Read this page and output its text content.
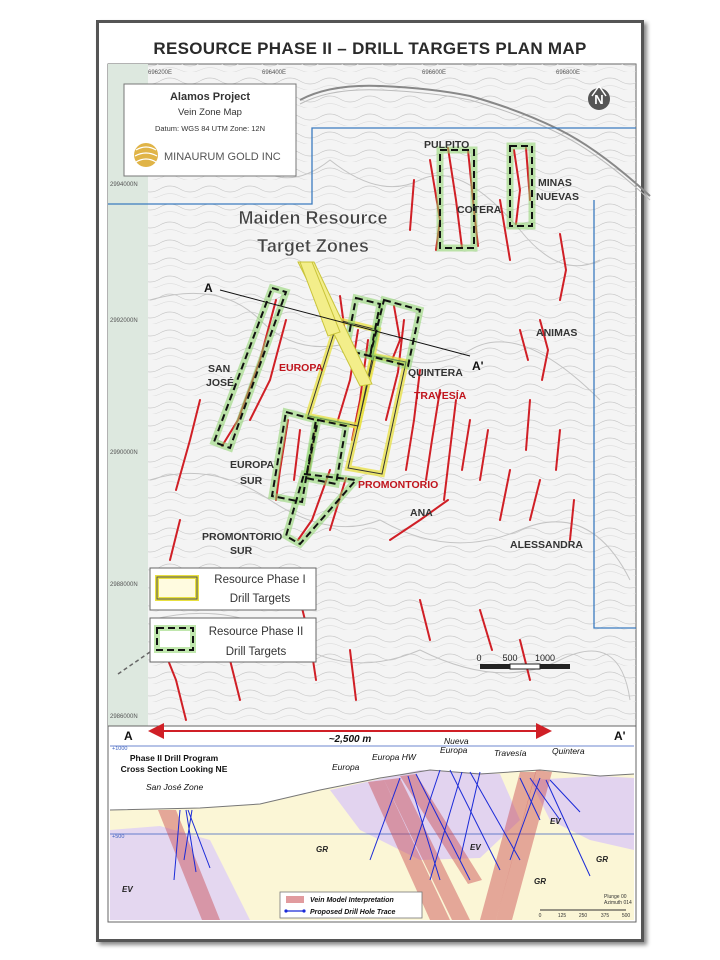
RESOURCE PHASE II – DRILL TARGETS PLAN MAP
696200E	696400E	696600E	696800E
2994000N
2992000N
2990000N
2988000N
2986000N
N
Alamos Project
Vein Zone Map
Datum: WGS 84 UTM Zone: 12N
MINAURUM GOLD INC
Maiden Resource
Target Zones
A
A'
PULPITO
COTERA
MINAS
NUEVAS
ANIMAS
SAN
JOSÉ
EUROPA	QUINTERA
TRAVESÍA
EUROPA
SUR	PROMONTORIO
ANA
PROMONTORIO
SUR	ALESSANDRA
Resource Phase I
Drill Targets
Resource Phase II
Drill Targets	0 500 1000
A	A'
~2,500 m
+1000
+500
Phase II Drill Program
Cross Section Looking NE
San José Zone
Europa
Europa HW
Nueva
Europa	Travesía	Quintera
GR
GR
GR
EV
EV
EV
Vein Model Interpretation
Proposed Drill Hole Trace
Plunge 00
Azimuth 014
0	125	250	375	500
